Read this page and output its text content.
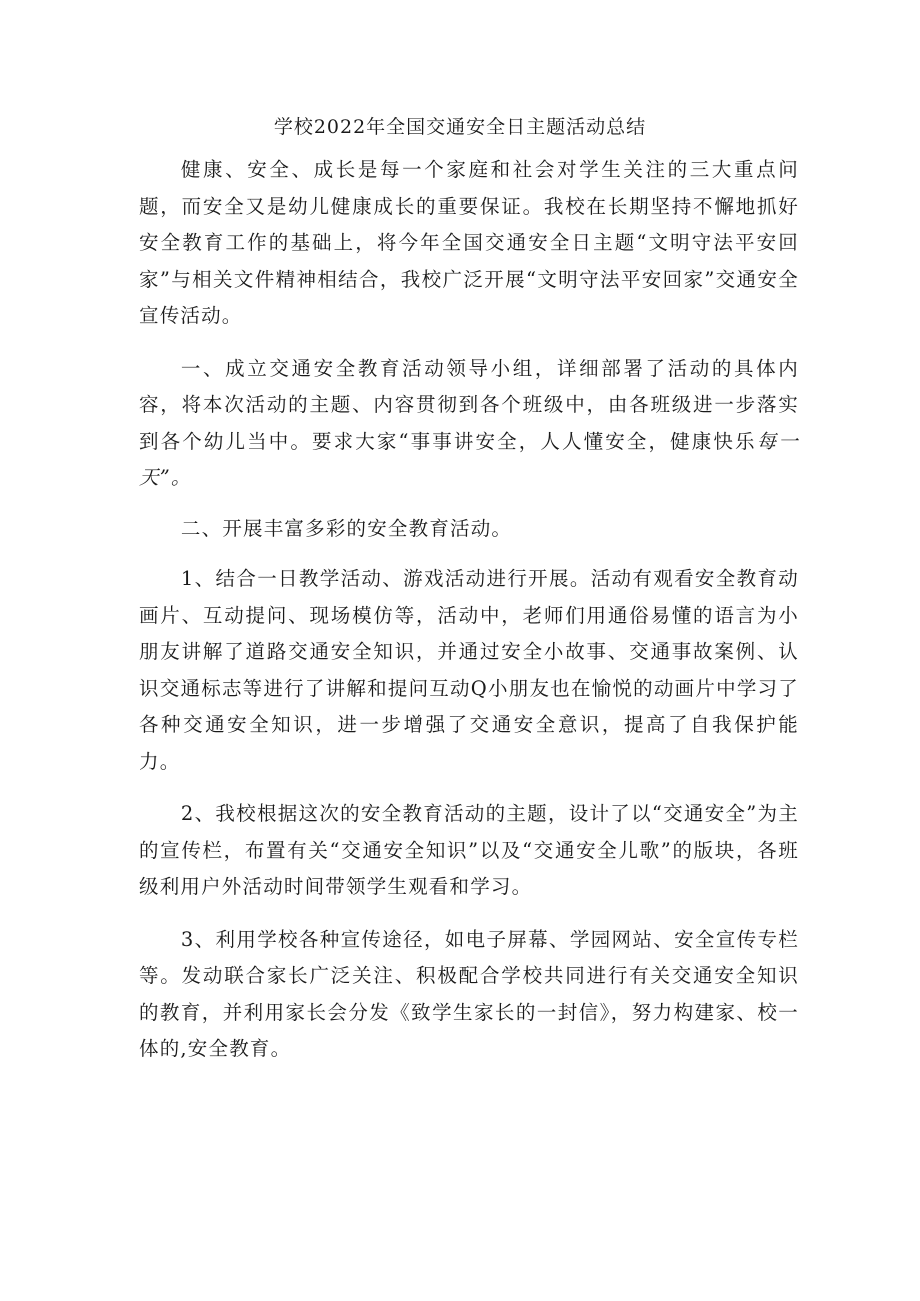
学校2022年全国交通安全日主题活动总结

健康、安全、成长是每一个家庭和社会对学生关注的三大重点问题，而安全又是幼儿健康成长的重要保证。我校在长期坚持不懈地抓好安全教育工作的基础上，将今年全国交通安全日主题“文明守法平安回家”与相关文件精神相结合，我校广泛开展“文明守法平安回家”交通安全宣传活动。

一、成立交通安全教育活动领导小组，详细部署了活动的具体内容，将本次活动的主题、内容贯彻到各个班级中，由各班级进一步落实到各个幼儿当中。要求大家“事事讲安全，人人懂安全，健康快乐每一天”。

二、开展丰富多彩的安全教育活动。

1、结合一日教学活动、游戏活动进行开展。活动有观看安全教育动画片、互动提问、现场模仿等，活动中，老师们用通俗易懂的语言为小朋友讲解了道路交通安全知识，并通过安全小故事、交通事故案例、认识交通标志等进行了讲解和提问互动Q小朋友也在愉悦的动画片中学习了各种交通安全知识，进一步增强了交通安全意识，提高了自我保护能力。

2、我校根据这次的安全教育活动的主题，设计了以“交通安全”为主的宣传栏，布置有关“交通安全知识”以及“交通安全儿歌”的版块，各班级利用户外活动时间带领学生观看和学习。

3、利用学校各种宣传途径，如电子屏幕、学园网站、安全宣传专栏等。发动联合家长广泛关注、积极配合学校共同进行有关交通安全知识的教育，并利用家长会分发《致学生家长的一封信》，努力构建家、校一体的,安全教育。
